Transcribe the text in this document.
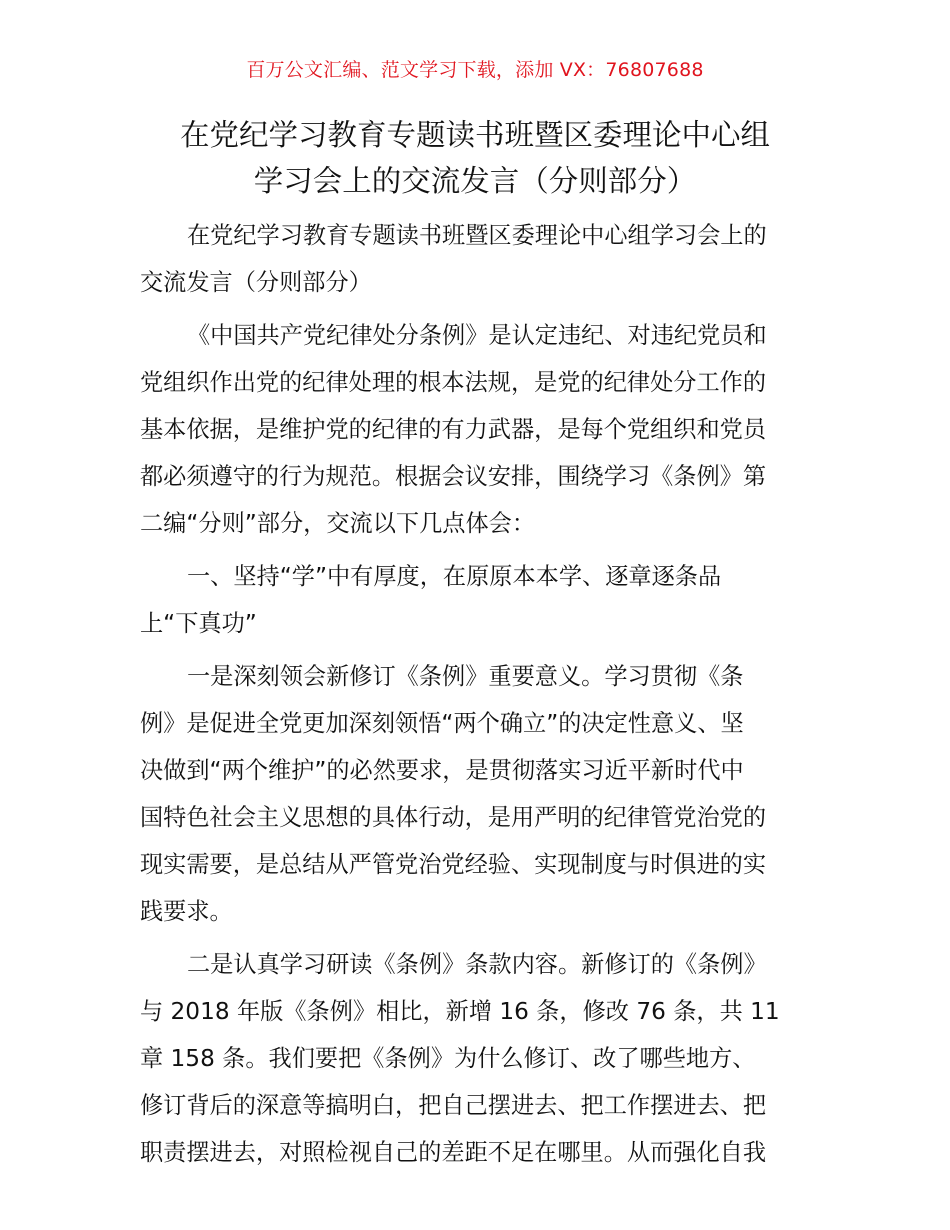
百万公文汇编、范文学习下载，添加 VX：76807688
在党纪学习教育专题读书班暨区委理论中心组
学习会上的交流发言（分则部分）
在党纪学习教育专题读书班暨区委理论中心组学习会上的
交流发言（分则部分）
《中国共产党纪律处分条例》是认定违纪、对违纪党员和
党组织作出党的纪律处理的根本法规，是党的纪律处分工作的
基本依据，是维护党的纪律的有力武器，是每个党组织和党员
都必须遵守的行为规范。根据会议安排，围绕学习《条例》第
二编“分则”部分，交流以下几点体会：
一、坚持“学”中有厚度，在原原本本学、逐章逐条品
上“下真功”
一是深刻领会新修订《条例》重要意义。学习贯彻《条
例》是促进全党更加深刻领悟“两个确立”的决定性意义、坚
决做到“两个维护”的必然要求，是贯彻落实习近平新时代中
国特色社会主义思想的具体行动，是用严明的纪律管党治党的
现实需要，是总结从严管党治党经验、实现制度与时俱进的实
践要求。
二是认真学习研读《条例》条款内容。新修订的《条例》
与 2018 年版《条例》相比，新增 16 条，修改 76 条，共 11
章 158 条。我们要把《条例》为什么修订、改了哪些地方、
修订背后的深意等搞明白，把自己摆进去、把工作摆进去、把
职责摆进去，对照检视自己的差距不足在哪里。从而强化自我
